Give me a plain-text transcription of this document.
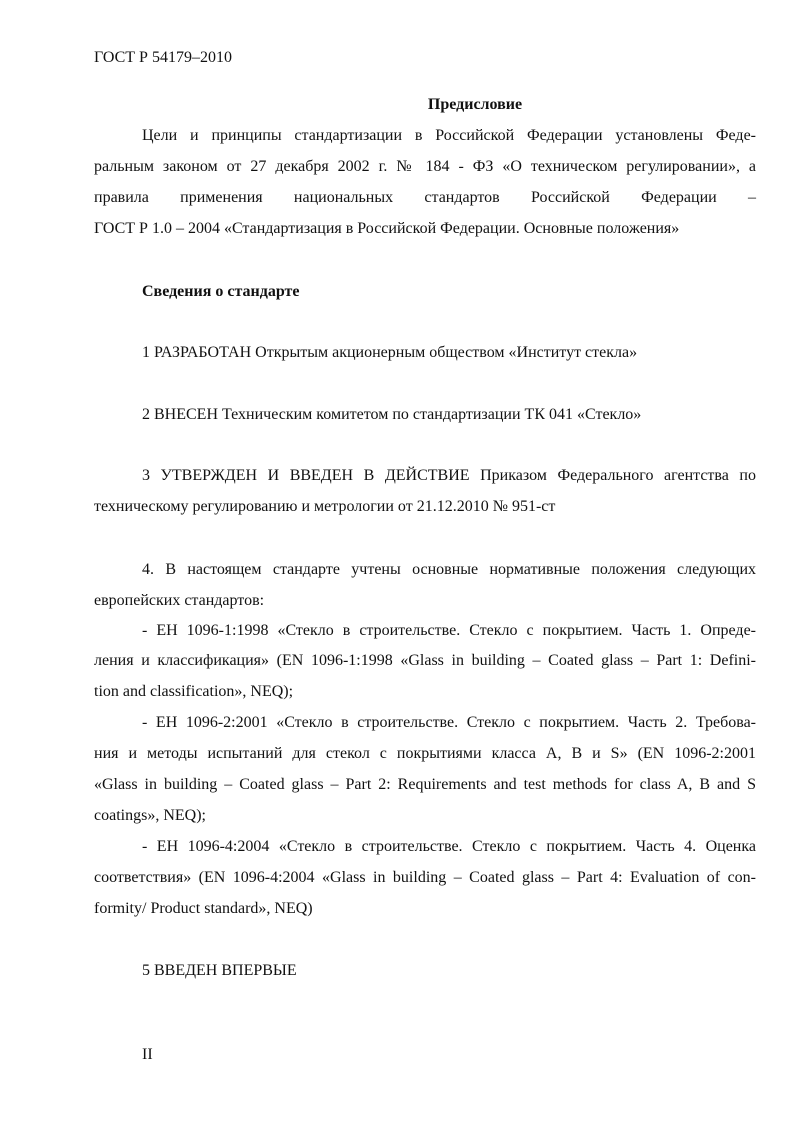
ГОСТ Р 54179–2010
Предисловие
Цели и принципы стандартизации в Российской Федерации установлены Феде-
ральным законом от 27 декабря 2002 г. № 184 - ФЗ «О техническом регулировании», а
правила применения национальных стандартов Российской Федерации –
ГОСТ Р 1.0 – 2004 «Стандартизация в Российской Федерации. Основные положения»
Сведения о стандарте
1 РАЗРАБОТАН Открытым акционерным обществом «Институт стекла»
2 ВНЕСЕН Техническим комитетом по стандартизации ТК 041 «Стекло»
3 УТВЕРЖДЕН И ВВЕДЕН В ДЕЙСТВИЕ Приказом Федерального агентства по
техническому регулированию и метрологии от 21.12.2010 № 951-ст
4. В настоящем стандарте учтены основные нормативные положения следующих
европейских стандартов:
- ЕН 1096-1:1998 «Стекло в строительстве. Стекло с покрытием. Часть 1. Опреде-
ления и классификация» (EN 1096-1:1998 «Glass in building – Coated glass – Part 1: Defini-
tion and classification», NEQ);
- ЕН 1096-2:2001 «Стекло в строительстве. Стекло с покрытием. Часть 2. Требова-
ния и методы испытаний для стекол с покрытиями класса А, В и S» (EN 1096-2:2001
«Glass in building – Coated glass – Part 2: Requirements and test methods for class A, B and S
coatings», NEQ);
- ЕН 1096-4:2004 «Стекло в строительстве. Стекло с покрытием. Часть 4. Оценка
соответствия» (EN 1096-4:2004 «Glass in building – Coated glass – Part 4: Evaluation of con-
formity/ Product standard», NEQ)
5 ВВЕДЕН ВПЕРВЫЕ
II
